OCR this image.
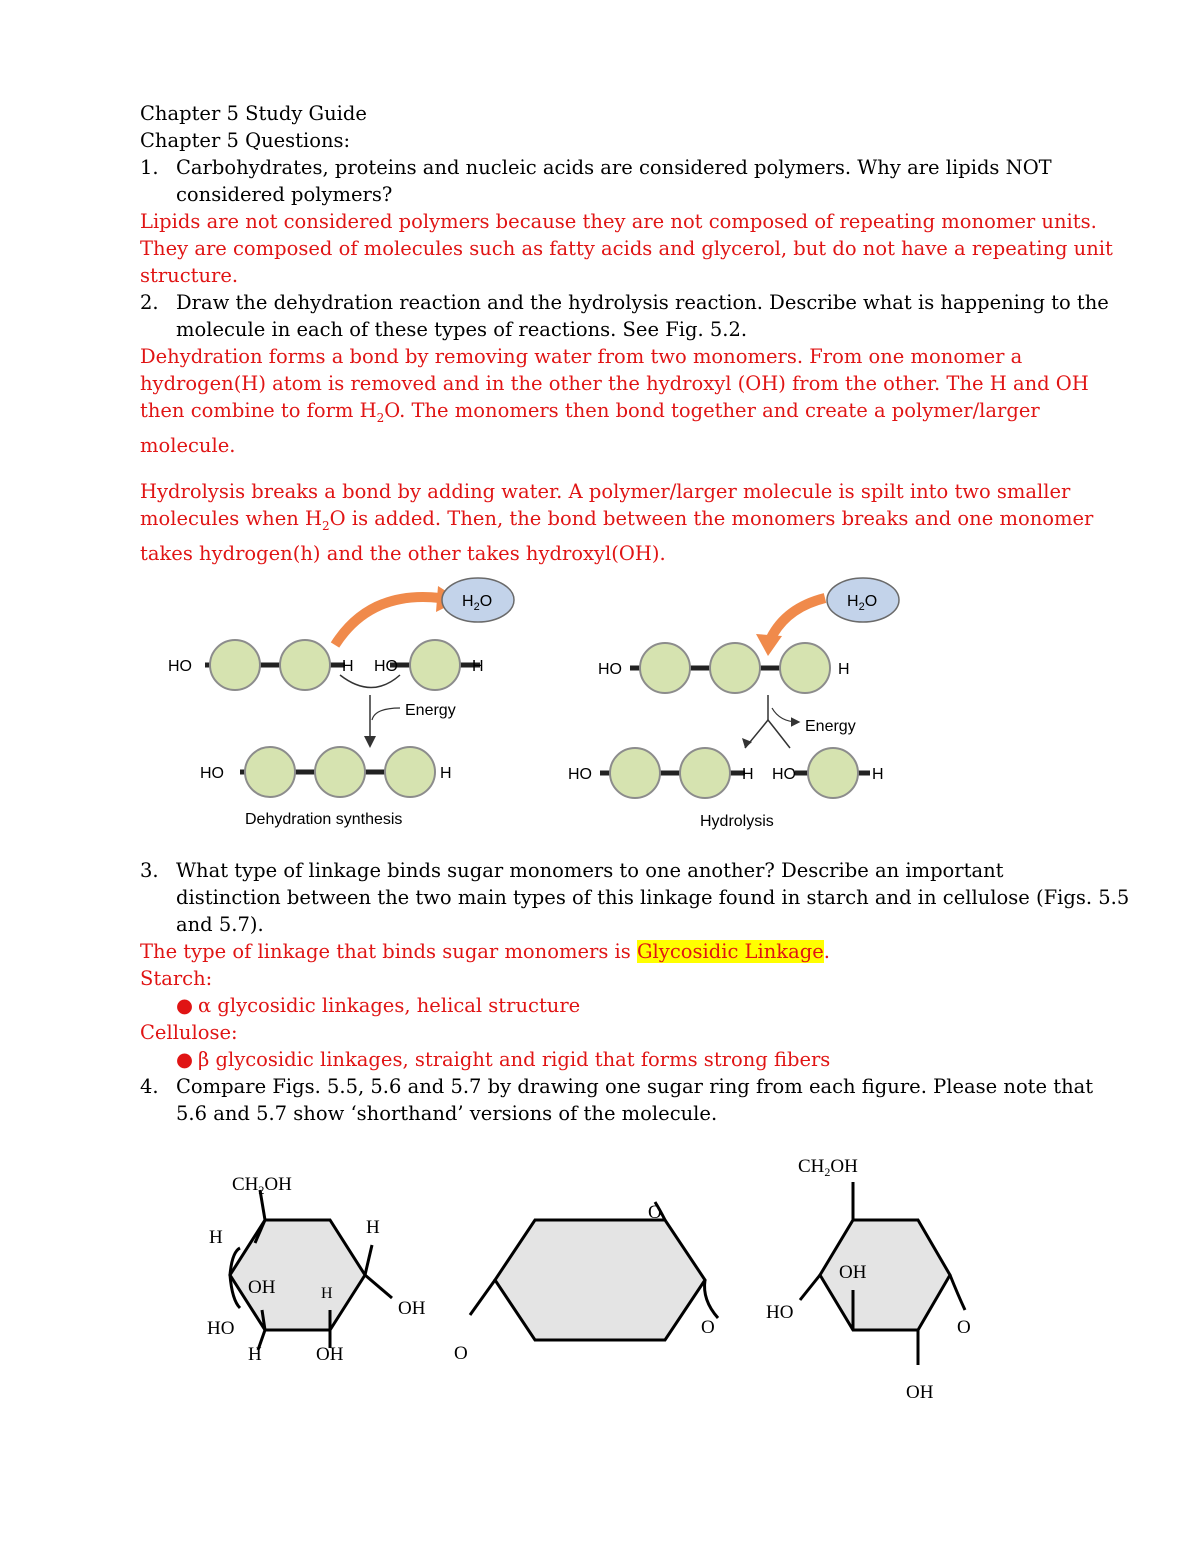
Chapter 5 Study Guide
Chapter 5 Questions:
1. Carbohydrates, proteins and nucleic acids are considered polymers. Why are lipids NOT
considered polymers?
Lipids are not considered polymers because they are not composed of repeating monomer units.
They are composed of molecules such as fatty acids and glycerol, but do not have a repeating unit
structure.
2. Draw the dehydration reaction and the hydrolysis reaction. Describe what is happening to the
molecule in each of these types of reactions. See Fig. 5.2.
Dehydration forms a bond by removing water from two monomers. From one monomer a
hydrogen(H) atom is removed and in the other the hydroxyl (OH) from the other. The H and OH
then combine to form $H_2O$. The monomers then bond together and create a polymer/larger
molecule.
Hydrolysis breaks a bond by adding water. A polymer/larger molecule is spilt into two smaller
molecules when $H_2O$ is added. Then, the bond between the monomers breaks and one monomer
takes hydrogen(h) and the other takes hydroxyl(OH).
HO	H HO	H
$H_2O$
Energy
HO	H
Dehydration synthesis
HO	H
$H_2O$
Energy
HO	H HO	H
Hydrolysis
3. What type of linkage binds sugar monomers to one another? Describe an important
distinction between the two main types of this linkage found in starch and in cellulose (Figs. 5.5
and 5.7).
The type of linkage that binds sugar monomers is Glycosidic Linkage.
Starch:
● α glycosidic linkages, helical structure
Cellulose:
● β glycosidic linkages, straight and rigid that forms strong fibers
4. Compare Figs. 5.5, 5.6 and 5.7 by drawing one sugar ring from each figure. Please note that
5.6 and 5.7 show ‘shorthand’ versions of the molecule.
$CH_2OH$
H	H
OH	H
OH
HO
H	OH
O
O
O
$CH_2OH$
OH
HO
O
OH
